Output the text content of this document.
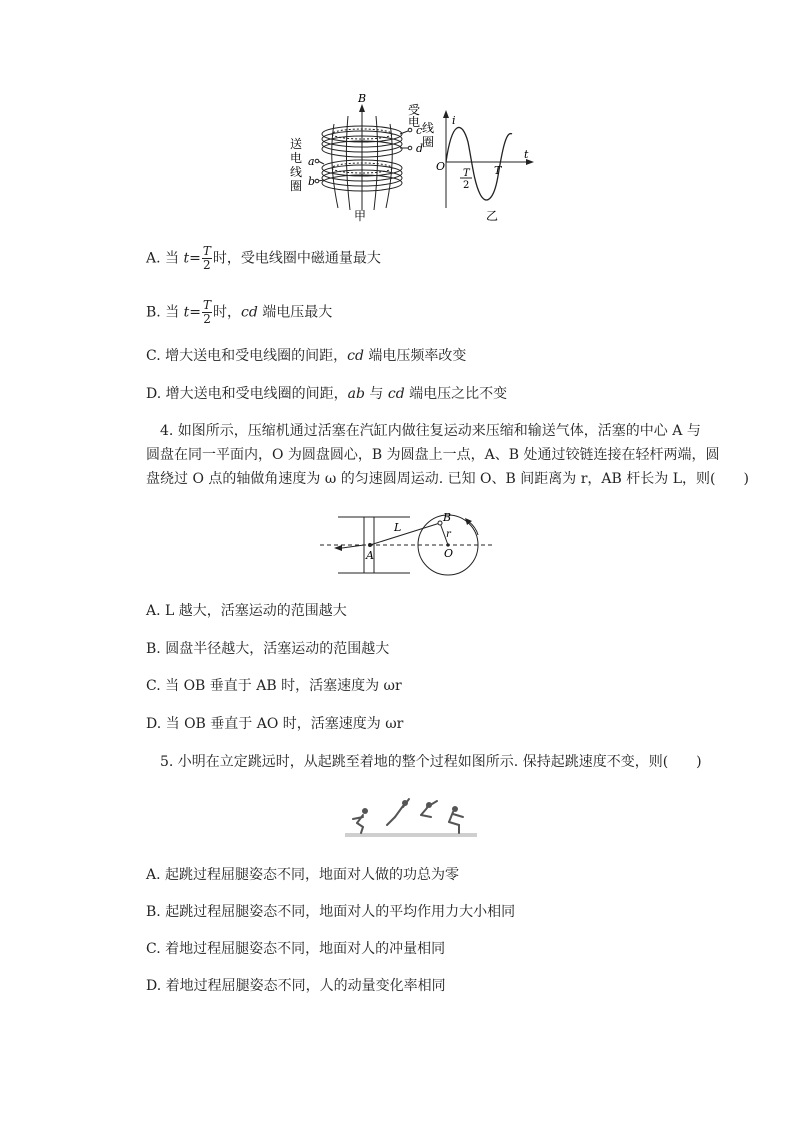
送
电
线
圈
B
a
b
c
d
受
电 线
圈
甲
i
t
O
T
2
T
乙
A. 当 $t= \frac{T}{2}$ 时，受电线圈中磁通量最大
B. 当 $t= \frac{T}{2}$ 时，cd 端电压最大
C. 增大送电和受电线圈的间距，cd 端电压频率改变
D. 增大送电和受电线圈的间距，ab 与 cd 端电压之比不变
4. 如图所示，压缩机通过活塞在汽缸内做往复运动来压缩和输送气体，活塞的中心 A 与
圆盘在同一平面内，O 为圆盘圆心，B 为圆盘上一点，A、B 处通过铰链连接在轻杆两端，圆
盘绕过 O 点的轴做角速度为 ω 的匀速圆周运动. 已知 O、B 间距离为 r，AB 杆长为 L，则(　　)
A
L
B
r
O
A. L 越大，活塞运动的范围越大
B. 圆盘半径越大，活塞运动的范围越大
C. 当 OB 垂直于 AB 时，活塞速度为 ωr
D. 当 OB 垂直于 AO 时，活塞速度为 ωr
5. 小明在立定跳远时，从起跳至着地的整个过程如图所示. 保持起跳速度不变，则(　　)
A. 起跳过程屈腿姿态不同，地面对人做的功总为零
B. 起跳过程屈腿姿态不同，地面对人的平均作用力大小相同
C. 着地过程屈腿姿态不同，地面对人的冲量相同
D. 着地过程屈腿姿态不同，人的动量变化率相同
